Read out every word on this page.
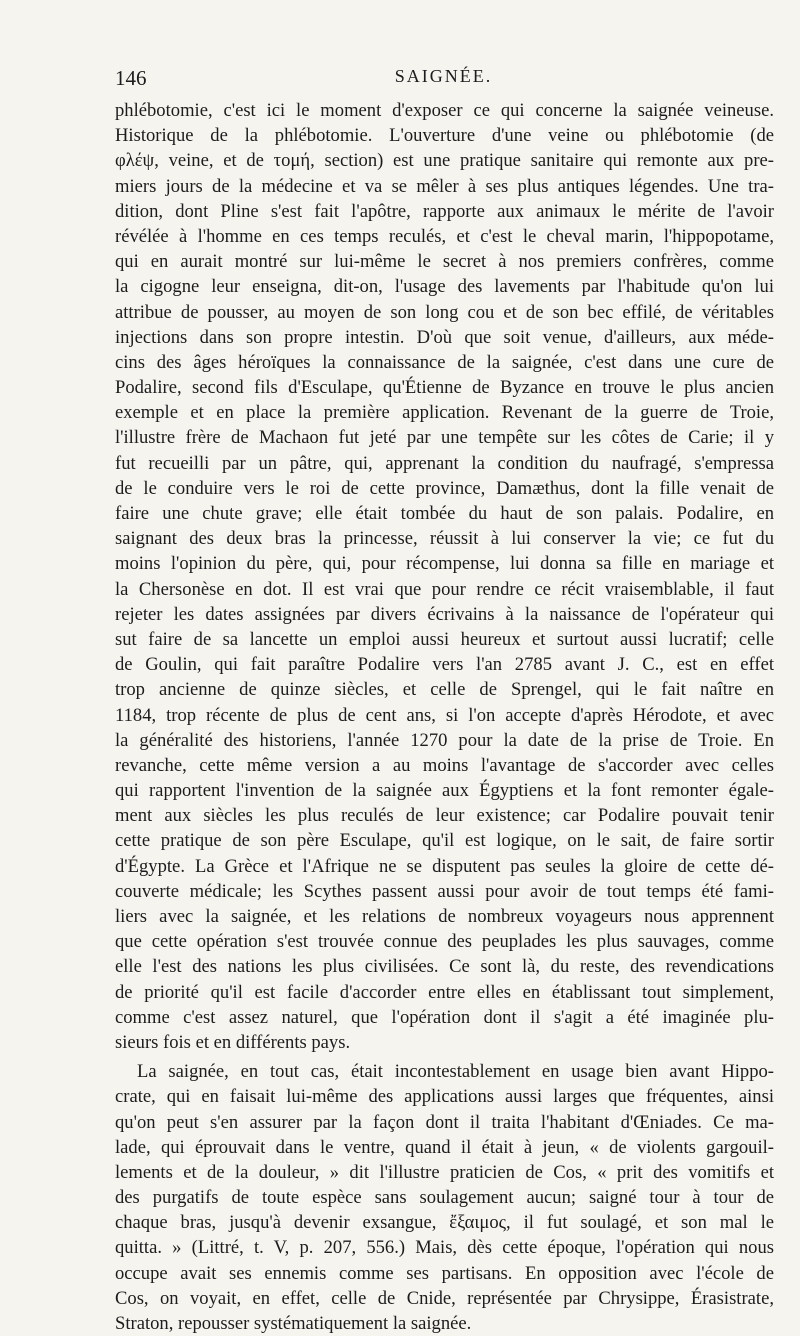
146	SAIGNÉE.
phlébotomie, c'est ici le moment d'exposer ce qui concerne la saignée veineuse.
Historique de la phlébotomie. L'ouverture d'une veine ou phlébotomie (de
φλέψ, veine, et de τομή, section) est une pratique sanitaire qui remonte aux pre-
miers jours de la médecine et va se mêler à ses plus antiques légendes. Une tra-
dition, dont Pline s'est fait l'apôtre, rapporte aux animaux le mérite de l'avoir
révélée à l'homme en ces temps reculés, et c'est le cheval marin, l'hippopotame,
qui en aurait montré sur lui-même le secret à nos premiers confrères, comme
la cigogne leur enseigna, dit-on, l'usage des lavements par l'habitude qu'on lui
attribue de pousser, au moyen de son long cou et de son bec effilé, de véritables
injections dans son propre intestin. D'où que soit venue, d'ailleurs, aux méde-
cins des âges héroïques la connaissance de la saignée, c'est dans une cure de
Podalire, second fils d'Esculape, qu'Étienne de Byzance en trouve le plus ancien
exemple et en place la première application. Revenant de la guerre de Troie,
l'illustre frère de Machaon fut jeté par une tempête sur les côtes de Carie; il y
fut recueilli par un pâtre, qui, apprenant la condition du naufragé, s'empressa
de le conduire vers le roi de cette province, Damæthus, dont la fille venait de
faire une chute grave; elle était tombée du haut de son palais. Podalire, en
saignant des deux bras la princesse, réussit à lui conserver la vie; ce fut du
moins l'opinion du père, qui, pour récompense, lui donna sa fille en mariage et
la Chersonèse en dot. Il est vrai que pour rendre ce récit vraisemblable, il faut
rejeter les dates assignées par divers écrivains à la naissance de l'opérateur qui
sut faire de sa lancette un emploi aussi heureux et surtout aussi lucratif; celle
de Goulin, qui fait paraître Podalire vers l'an 2785 avant J. C., est en effet
trop ancienne de quinze siècles, et celle de Sprengel, qui le fait naître en
1184, trop récente de plus de cent ans, si l'on accepte d'après Hérodote, et avec
la généralité des historiens, l'année 1270 pour la date de la prise de Troie. En
revanche, cette même version a au moins l'avantage de s'accorder avec celles
qui rapportent l'invention de la saignée aux Égyptiens et la font remonter égale-
ment aux siècles les plus reculés de leur existence; car Podalire pouvait tenir
cette pratique de son père Esculape, qu'il est logique, on le sait, de faire sortir
d'Égypte. La Grèce et l'Afrique ne se disputent pas seules la gloire de cette dé-
couverte médicale; les Scythes passent aussi pour avoir de tout temps été fami-
liers avec la saignée, et les relations de nombreux voyageurs nous apprennent
que cette opération s'est trouvée connue des peuplades les plus sauvages, comme
elle l'est des nations les plus civilisées. Ce sont là, du reste, des revendications
de priorité qu'il est facile d'accorder entre elles en établissant tout simplement,
comme c'est assez naturel, que l'opération dont il s'agit a été imaginée plu-
sieurs fois et en différents pays.
La saignée, en tout cas, était incontestablement en usage bien avant Hippo-
crate, qui en faisait lui-même des applications aussi larges que fréquentes, ainsi
qu'on peut s'en assurer par la façon dont il traita l'habitant d'Œniades. Ce ma-
lade, qui éprouvait dans le ventre, quand il était à jeun, « de violents gargouil-
lements et de la douleur, » dit l'illustre praticien de Cos, « prit des vomitifs et
des purgatifs de toute espèce sans soulagement aucun; saigné tour à tour de
chaque bras, jusqu'à devenir exsangue, ἔξαιμος, il fut soulagé, et son mal le
quitta. » (Littré, t. V, p. 207, 556.) Mais, dès cette époque, l'opération qui nous
occupe avait ses ennemis comme ses partisans. En opposition avec l'école de
Cos, on voyait, en effet, celle de Cnide, représentée par Chrysippe, Érasistrate,
Straton, repousser systématiquement la saignée.
